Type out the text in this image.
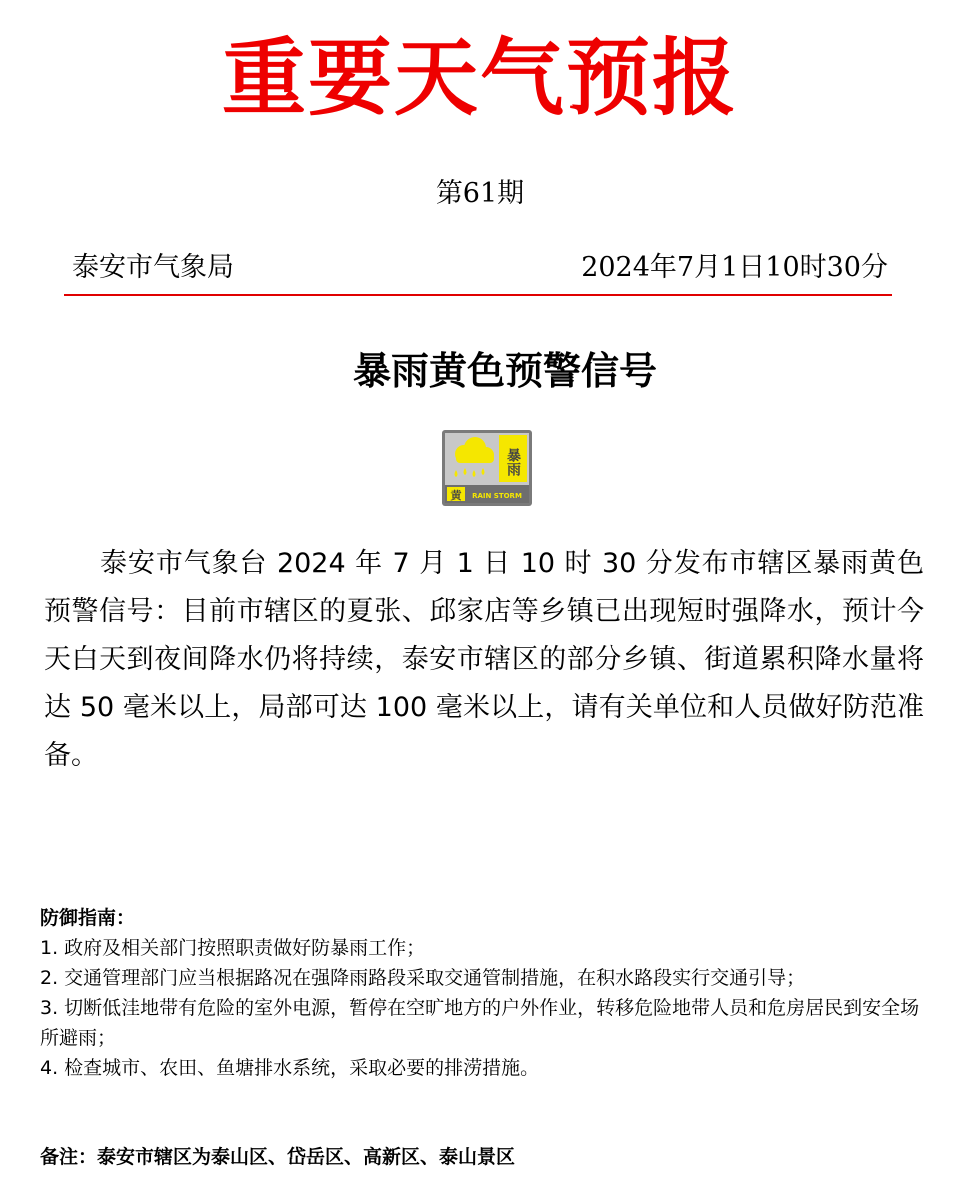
重要天气预报
第61期
泰安市气象局	2024年7月1日10时30分
暴雨黄色预警信号
暴雨
黄 RAIN STORM
泰安市气象台 2024 年 7 月 1 日 10 时 30 分发布市辖区暴雨黄色预警信号：目前市辖区的夏张、邱家店等乡镇已出现短时强降水，预计今天白天到夜间降水仍将持续，泰安市辖区的部分乡镇、街道累积降水量将达 50 毫米以上，局部可达 100 毫米以上，请有关单位和人员做好防范准备。
防御指南：

1. 政府及相关部门按照职责做好防暴雨工作；

2. 交通管理部门应当根据路况在强降雨路段采取交通管制措施，在积水路段实行交通引导；

3. 切断低洼地带有危险的室外电源，暂停在空旷地方的户外作业，转移危险地带人员和危房居民到安全场所避雨；

4. 检查城市、农田、鱼塘排水系统，采取必要的排涝措施。

备注：泰安市辖区为泰山区、岱岳区、高新区、泰山景区
